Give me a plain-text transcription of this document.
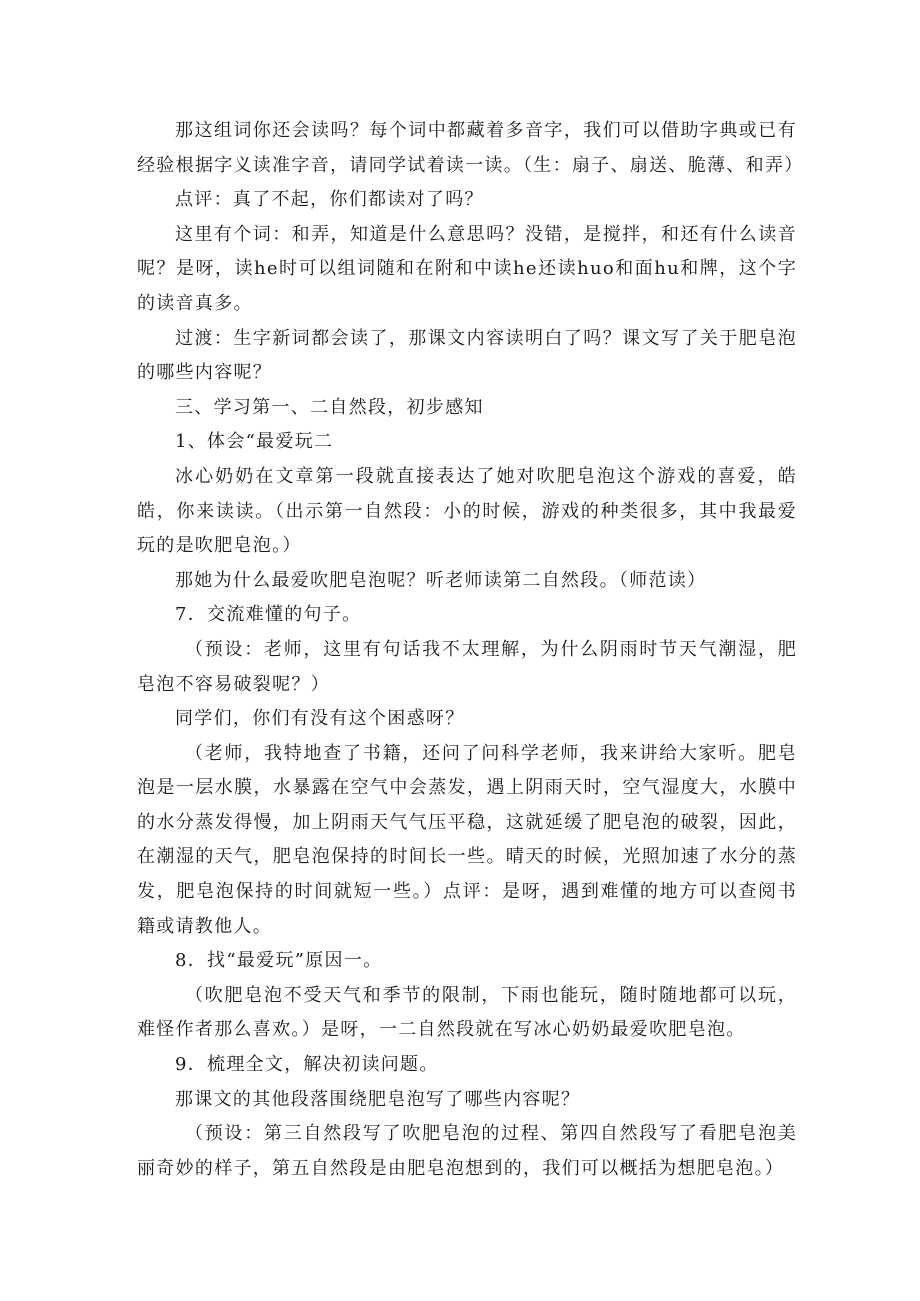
那这组词你还会读吗？每个词中都藏着多音字，我们可以借助字典或已有经验根据字义读准字音，请同学试着读一读。（生：扇子、扇送、脆薄、和弄）

点评：真了不起，你们都读对了吗？

这里有个词：和弄，知道是什么意思吗？没错，是搅拌，和还有什么读音呢？是呀，读he时可以组词随和在附和中读he还读huo和面hu和牌，这个字的读音真多。

过渡：生字新词都会读了，那课文内容读明白了吗？课文写了关于肥皂泡的哪些内容呢？

三、学习第一、二自然段，初步感知

1、体会“最爱玩二

冰心奶奶在文章第一段就直接表达了她对吹肥皂泡这个游戏的喜爱，皓皓，你来读读。（出示第一自然段：小的时候，游戏的种类很多，其中我最爱玩的是吹肥皂泡。）

那她为什么最爱吹肥皂泡呢？听老师读第二自然段。（师范读）

7．交流难懂的句子。

（预设：老师，这里有句话我不太理解，为什么阴雨时节天气潮湿，肥皂泡不容易破裂呢？）

同学们，你们有没有这个困惑呀？

（老师，我特地查了书籍，还问了问科学老师，我来讲给大家听。肥皂泡是一层水膜，水暴露在空气中会蒸发，遇上阴雨天时，空气湿度大，水膜中的水分蒸发得慢，加上阴雨天气气压平稳，这就延缓了肥皂泡的破裂，因此，在潮湿的天气，肥皂泡保持的时间长一些。晴天的时候，光照加速了水分的蒸发，肥皂泡保持的时间就短一些。）点评：是呀，遇到难懂的地方可以查阅书籍或请教他人。

8．找“最爱玩”原因一。

（吹肥皂泡不受天气和季节的限制，下雨也能玩，随时随地都可以玩，难怪作者那么喜欢。）是呀，一二自然段就在写冰心奶奶最爱吹肥皂泡。

9．梳理全文，解决初读问题。

那课文的其他段落围绕肥皂泡写了哪些内容呢？

（预设：第三自然段写了吹肥皂泡的过程、第四自然段写了看肥皂泡美丽奇妙的样子，第五自然段是由肥皂泡想到的，我们可以概括为想肥皂泡。）
